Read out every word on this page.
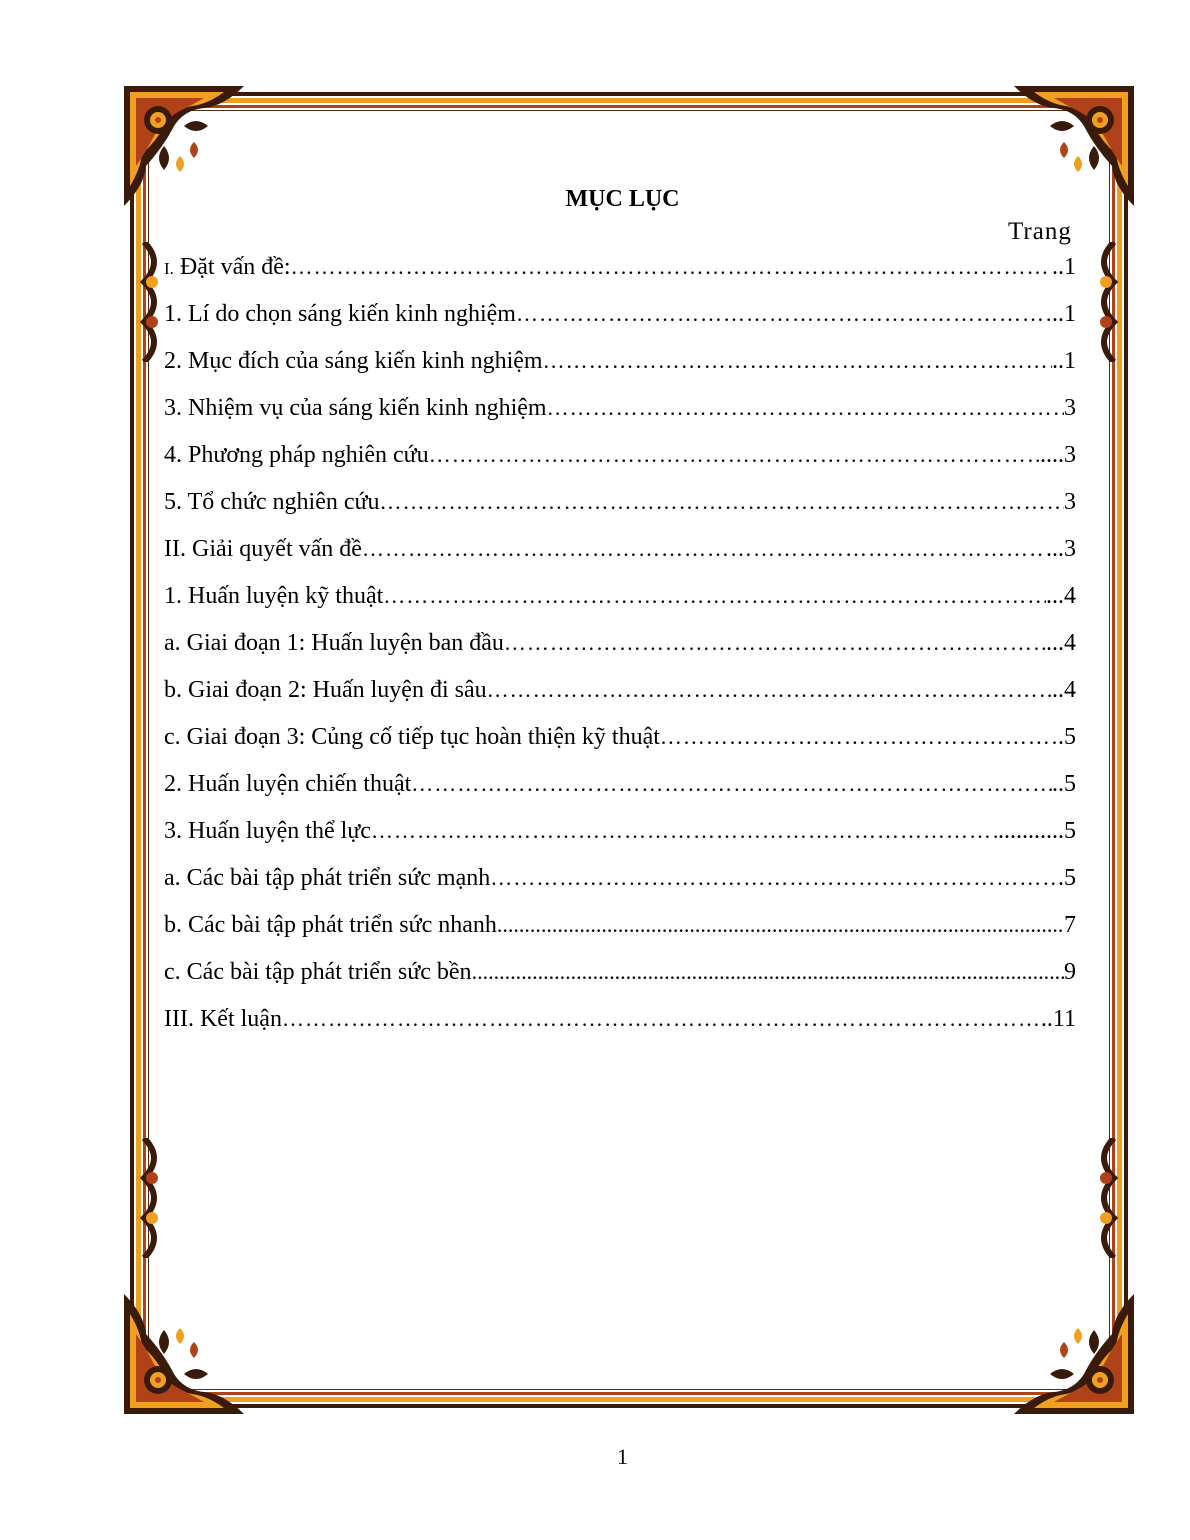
MỤC LỤC
Trang
I. Đặt vấn đề: …………………………………………………………………………………………………………………………………………………	..1
1. Lí do chọn sáng kiến kinh nghiệm …………………………………………………………………………………………………………………………………………………	..1
2. Mục đích của sáng kiến kinh nghiệm …………………………………………………………………………………………………………………………………………………	..1
3. Nhiệm vụ của sáng kiến kinh nghiệm …………………………………………………………………………………………………………………………………………………	3
4. Phương pháp nghiên cứu …………………………………………………………………………………………………………………………………………………	....3
5. Tổ chức nghiên cứu …………………………………………………………………………………………………………………………………………………	3
II. Giải quyết vấn đề …………………………………………………………………………………………………………………………………………………	...3
1. Huấn luyện kỹ thuật …………………………………………………………………………………………………………………………………………………	...4
a. Giai đoạn 1: Huấn luyện ban đầu …………………………………………………………………………………………………………………………………………………	...4
b. Giai đoạn 2: Huấn luyện đi sâu …………………………………………………………………………………………………………………………………………………	..4
c. Giai đoạn 3: Củng cố tiếp tục hoàn thiện kỹ thuật …………………………………………………………………………………………………………………………………………………	.5
2. Huấn luyện chiến thuật …………………………………………………………………………………………………………………………………………………	..5
3. Huấn luyện thể lực …………………………………………………………………………………………………………………………………………………	...........5
a. Các bài tập phát triển sức mạnh …………………………………………………………………………………………………………………………………………………	.5
b. Các bài tập phát triển sức nhanh .....	7
c. Các bài tập phát triển sức bền .....	9
III. Kết luận …………………………………………………………………………………………………………………………………………………	..11
1
